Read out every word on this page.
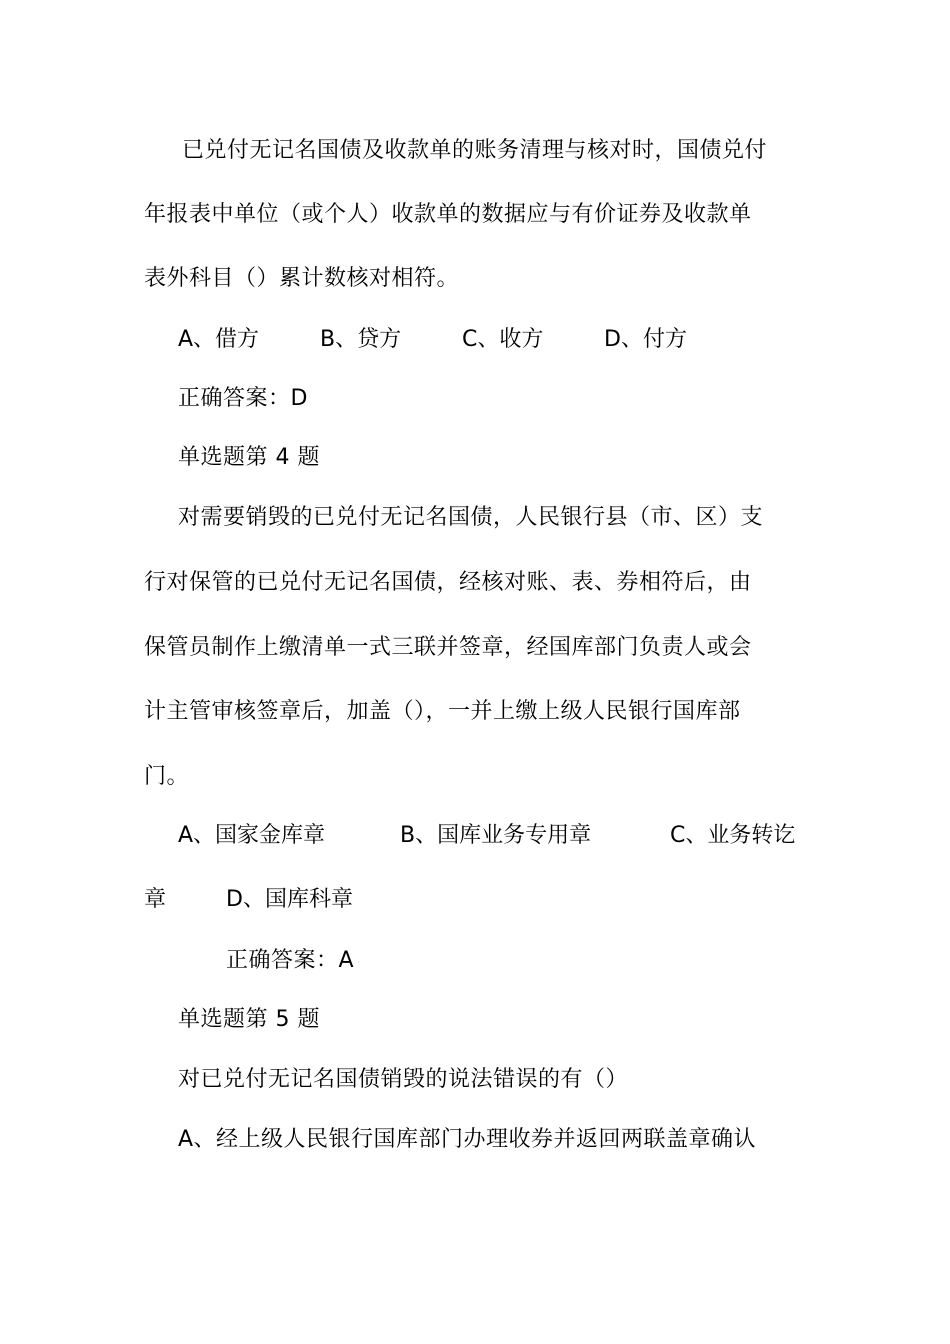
已兑付无记名国债及收款单的账务清理与核对时，国债兑付
年报表中单位（或个人）收款单的数据应与有价证券及收款单
表外科目（）累计数核对相符。
A、借方	B、贷方	C、收方	D、付方
正确答案：D
单选题第 4 题
对需要销毁的已兑付无记名国债，人民银行县（市、区）支
行对保管的已兑付无记名国债，经核对账、表、券相符后，由
保管员制作上缴清单一式三联并签章，经国库部门负责人或会
计主管审核签章后，加盖（），一并上缴上级人民银行国库部
门。
A、国家金库章	B、国库业务专用章	C、业务转讫
章	D、国库科章
正确答案：A
单选题第 5 题
对已兑付无记名国债销毁的说法错误的有（）
A、经上级人民银行国库部门办理收券并返回两联盖章确认
